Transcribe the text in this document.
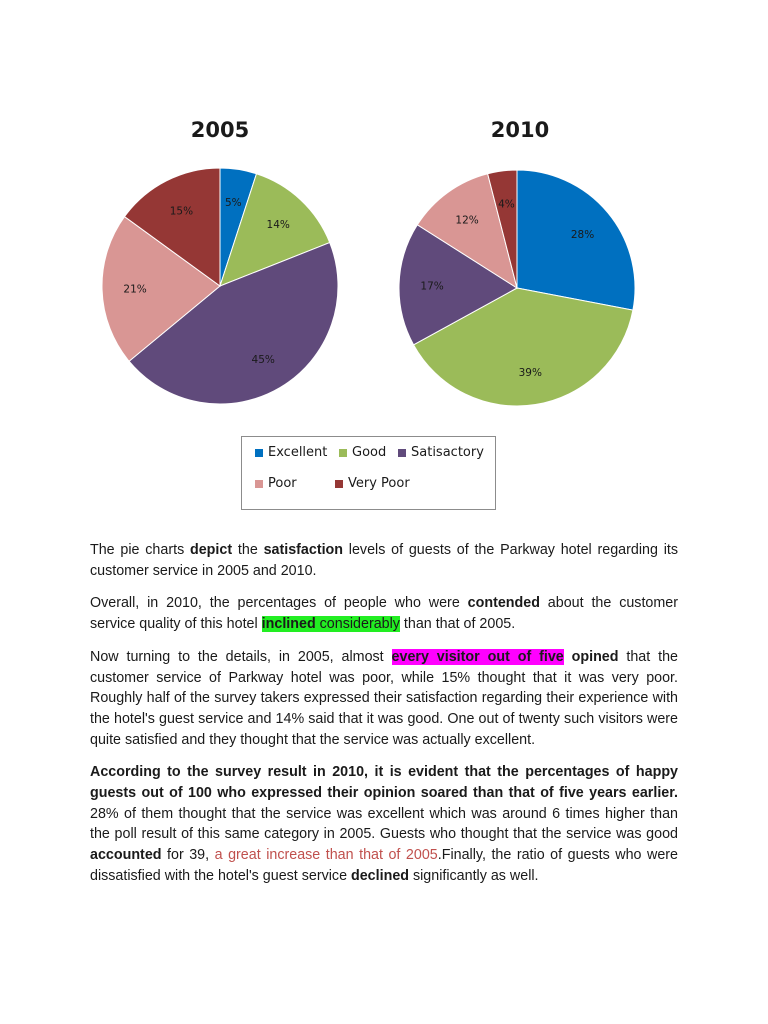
2005
5%
14%
45%
21%
15%
2010
28%
39%
17%
12%
4%
Excellent Good Satisactory
Poor	Very Poor

The pie charts depict the satisfaction levels of guests of the Parkway hotel regarding its customer service in 2005 and 2010.

Overall, in 2010, the percentages of people who were contended about the customer service quality of this hotel inclined considerably than that of 2005.

Now turning to the details, in 2005, almost every visitor out of five opined that the customer service of Parkway hotel was poor, while 15% thought that it was very poor. Roughly half of the survey takers expressed their satisfaction regarding their experience with the hotel's guest service and 14% said that it was good. One out of twenty such visitors were quite satisfied and they thought that the service was actually excellent.

According to the survey result in 2010, it is evident that the percentages of happy guests out of 100 who expressed their opinion soared than that of five years earlier. 28% of them thought that the service was excellent which was around 6 times higher than the poll result of this same category in 2005. Guests who thought that the service was good accounted for 39, a great increase than that of 2005.Finally, the ratio of guests who were dissatisfied with the hotel's guest service declined significantly as well.
